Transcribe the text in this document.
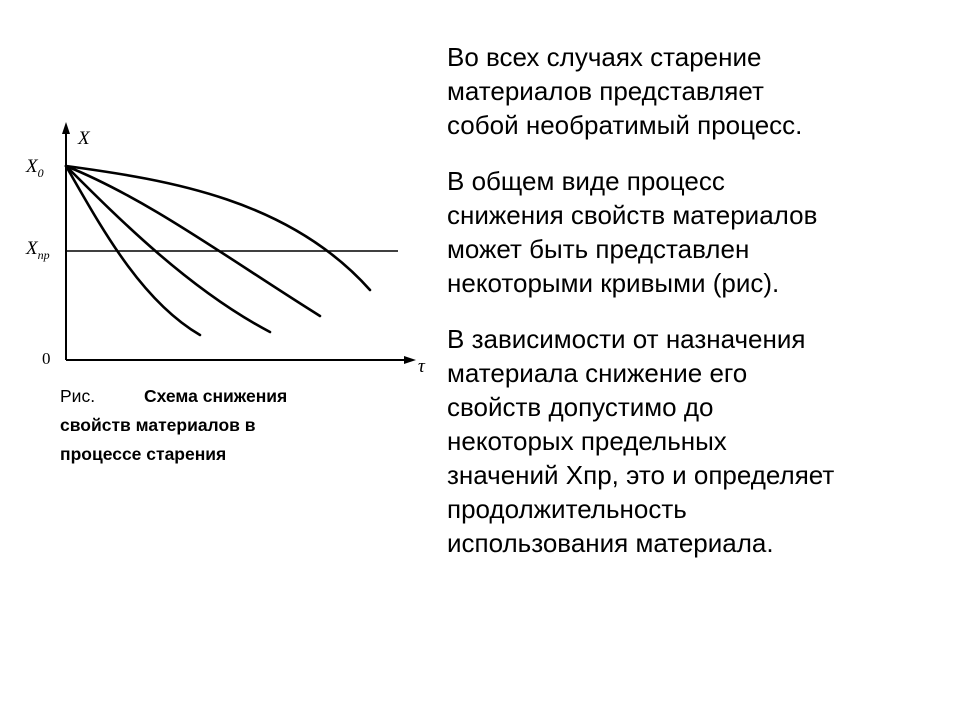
X
$X_0$
$X_{пр}$
0	τ
Рис.	Схема снижения
свойств материалов в
процессе старения

Во всех случаях старение
материалов представляет
собой необратимый процесс.

В общем виде процесс
снижения свойств материалов
может быть представлен
некоторыми кривыми (рис).

В зависимости от назначения
материала снижение его
свойств допустимо до
некоторых предельных
значений Хпр, это и определяет
продолжительность
использования материала.
